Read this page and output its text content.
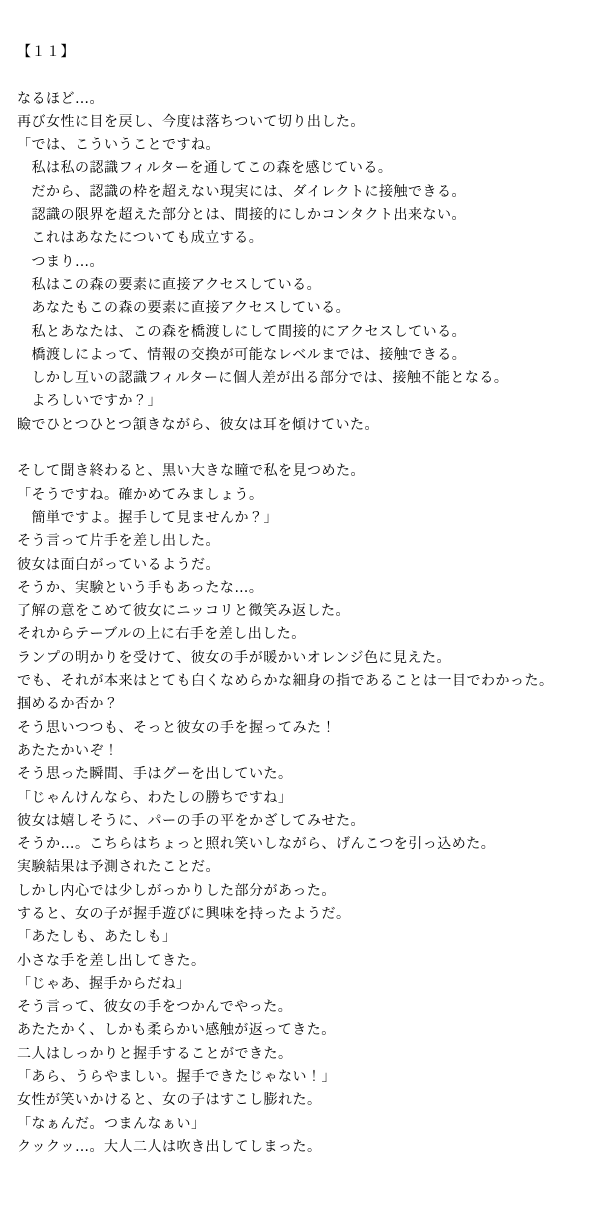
【１１】
なるほど…。
再び女性に目を戻し、今度は落ちついて切り出した。
「では、こういうことですね。
　私は私の認識フィルターを通してこの森を感じている。
　だから、認識の枠を超えない現実には、ダイレクトに接触できる。
　認識の限界を超えた部分とは、間接的にしかコンタクト出来ない。
　これはあなたについても成立する。
　つまり…。
　私はこの森の要素に直接アクセスしている。
　あなたもこの森の要素に直接アクセスしている。
　私とあなたは、この森を橋渡しにして間接的にアクセスしている。
　橋渡しによって、情報の交換が可能なレベルまでは、接触できる。
　しかし互いの認識フィルターに個人差が出る部分では、接触不能となる。
　よろしいですか？」
瞼でひとつひとつ頷きながら、彼女は耳を傾けていた。
そして聞き終わると、黒い大きな瞳で私を見つめた。
「そうですね。確かめてみましょう。
　簡単ですよ。握手して見ませんか？」
そう言って片手を差し出した。
彼女は面白がっているようだ。
そうか、実験という手もあったな…。
了解の意をこめて彼女にニッコリと微笑み返した。
それからテーブルの上に右手を差し出した。
ランプの明かりを受けて、彼女の手が暖かいオレンジ色に見えた。
でも、それが本来はとても白くなめらかな細身の指であることは一目でわかった。
掴めるか否か？
そう思いつつも、そっと彼女の手を握ってみた！
あたたかいぞ！
そう思った瞬間、手はグーを出していた。
「じゃんけんなら、わたしの勝ちですね」
彼女は嬉しそうに、パーの手の平をかざしてみせた。
そうか…。こちらはちょっと照れ笑いしながら、げんこつを引っ込めた。
実験結果は予測されたことだ。
しかし内心では少しがっかりした部分があった。
すると、女の子が握手遊びに興味を持ったようだ。
「あたしも、あたしも」
小さな手を差し出してきた。
「じゃあ、握手からだね」
そう言って、彼女の手をつかんでやった。
あたたかく、しかも柔らかい感触が返ってきた。
二人はしっかりと握手することができた。
「あら、うらやましい。握手できたじゃない！」
女性が笑いかけると、女の子はすこし膨れた。
「なぁんだ。つまんなぁい」
クックッ…。大人二人は吹き出してしまった。
